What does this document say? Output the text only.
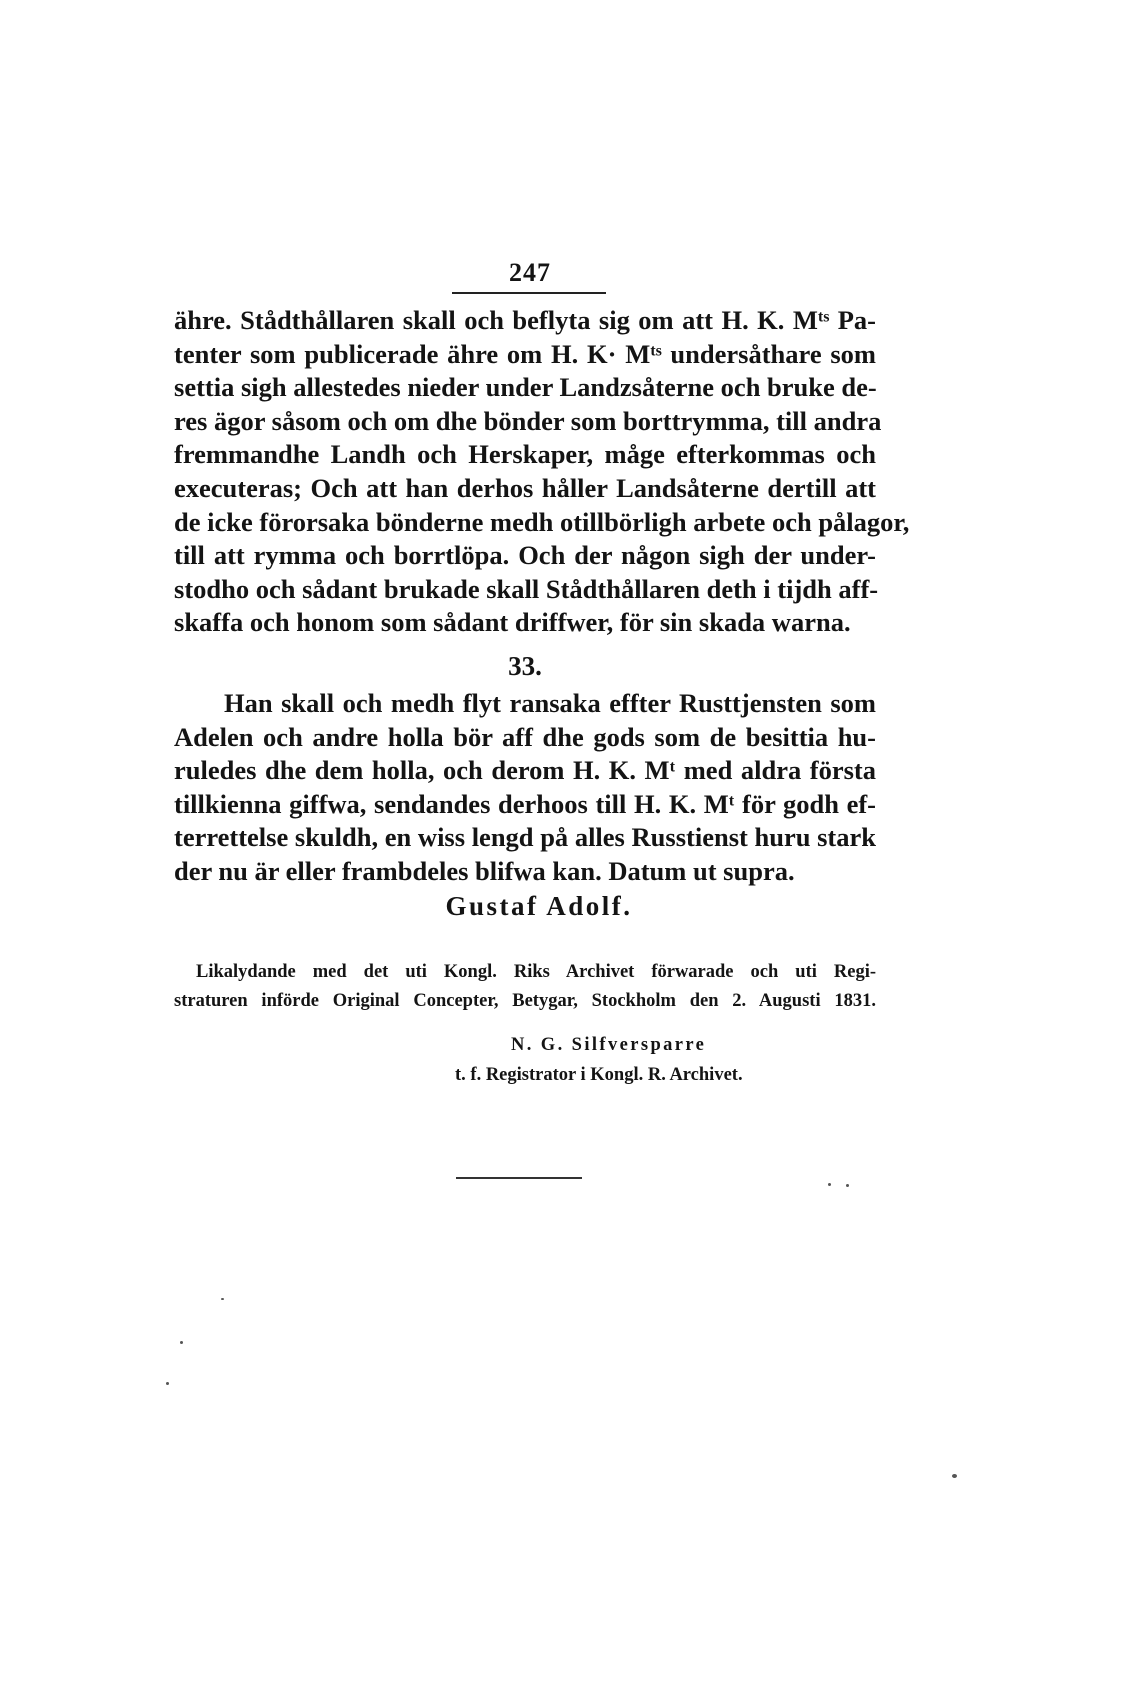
247
ähre. Stådthållaren skall och beflyta sig om att H. K. Mᵗˢ Pa-
tenter som publicerade ähre om H. K· Mᵗˢ undersåthare som
settia sigh allestedes nieder under Landzsåterne och bruke de-
res ägor såsom och om dhe bönder som borttrymma, till andra
fremmandhe Landh och Herskaper, måge efterkommas och
executeras; Och att han derhos håller Landsåterne dertill att
de icke förorsaka bönderne medh otillbörligh arbete och pålagor,
till att rymma och borrtlöpa. Och der någon sigh der under-
stodho och sådant brukade skall Stådthållaren deth i tijdh aff-
skaffa och honom som sådant driffwer, för sin skada warna.
33.
Han skall och medh flyt ransaka effter Rusttjensten som
Adelen och andre holla bör aff dhe gods som de besittia hu-
ruledes dhe dem holla, och derom H. K. Mᵗ med aldra första
tillkienna giffwa, sendandes derhoos till H. K. Mᵗ för godh ef-
terrettelse skuldh, en wiss lengd på alles Russtienst huru stark
der nu är eller frambdeles blifwa kan. Datum ut supra.
Gustaf Adolf.
Likalydande med det uti Kongl. Riks Archivet förwarade och uti Regi-
straturen införde Original Concepter, Betygar, Stockholm den 2. Augusti 1831.
N. G. Silfversparre
t. f. Registrator i Kongl. R. Archivet.
